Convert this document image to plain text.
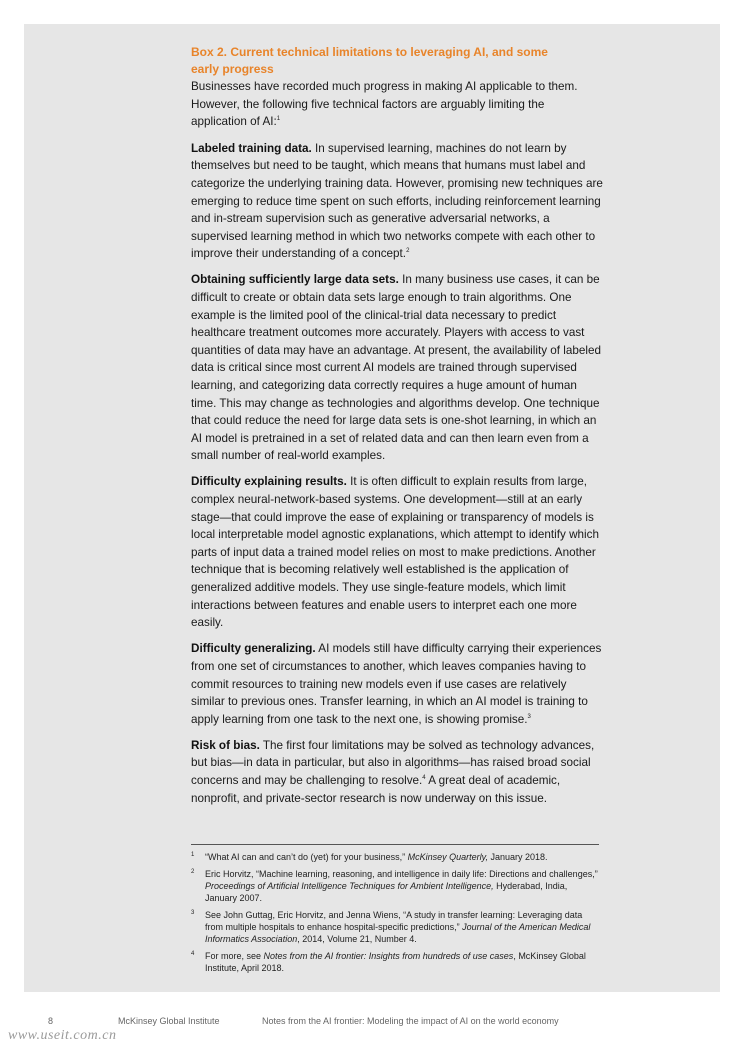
Box 2. Current technical limitations to leveraging AI, and some
early progress

Businesses have recorded much progress in making AI applicable to them. However, the following five technical factors are arguably limiting the application of AI:$^1$

Labeled training data. In supervised learning, machines do not learn by themselves but need to be taught, which means that humans must label and categorize the underlying training data. However, promising new techniques are emerging to reduce time spent on such efforts, including reinforcement learning and in-stream supervision such as generative adversarial networks, a supervised learning method in which two networks compete with each other to improve their understanding of a concept.$^2$

Obtaining sufficiently large data sets. In many business use cases, it can be difficult to create or obtain data sets large enough to train algorithms. One example is the limited pool of the clinical-trial data necessary to predict healthcare treatment outcomes more accurately. Players with access to vast quantities of data may have an advantage. At present, the availability of labeled data is critical since most current AI models are trained through supervised learning, and categorizing data correctly requires a huge amount of human time. This may change as technologies and algorithms develop. One technique that could reduce the need for large data sets is one-shot learning, in which an AI model is pretrained in a set of related data and can then learn even from a small number of real-world examples.

Difficulty explaining results. It is often difficult to explain results from large, complex neural-network-based systems. One development—still at an early stage—that could improve the ease of explaining or transparency of models is local interpretable model agnostic explanations, which attempt to identify which parts of input data a trained model relies on most to make predictions. Another technique that is becoming relatively well established is the application of generalized additive models. They use single-feature models, which limit interactions between features and enable users to interpret each one more easily.

Difficulty generalizing. AI models still have difficulty carrying their experiences from one set of circumstances to another, which leaves companies having to commit resources to training new models even if use cases are relatively similar to previous ones. Transfer learning, in which an AI model is training to apply learning from one task to the next one, is showing promise.$^3$

Risk of bias. The first four limitations may be solved as technology advances, but bias—in data in particular, but also in algorithms—has raised broad social concerns and may be challenging to resolve.$^4$ A great deal of academic, nonprofit, and private-sector research is now underway on this issue.

1 “What AI can and can’t do (yet) for your business,” McKinsey Quarterly, January 2018.
2 Eric Horvitz, “Machine learning, reasoning, and intelligence in daily life: Directions and challenges,” Proceedings of Artificial Intelligence Techniques for Ambient Intelligence, Hyderabad, India, January 2007.
3 See John Guttag, Eric Horvitz, and Jenna Wiens, “A study in transfer learning: Leveraging data from multiple hospitals to enhance hospital-specific predictions,” Journal of the American Medical Informatics Association, 2014, Volume 21, Number 4.
4 For more, see Notes from the AI frontier: Insights from hundreds of use cases, McKinsey Global Institute, April 2018.
8	McKinsey Global Institute	Notes from the AI frontier: Modeling the impact of AI on the world economy
www.useit.com.cn
